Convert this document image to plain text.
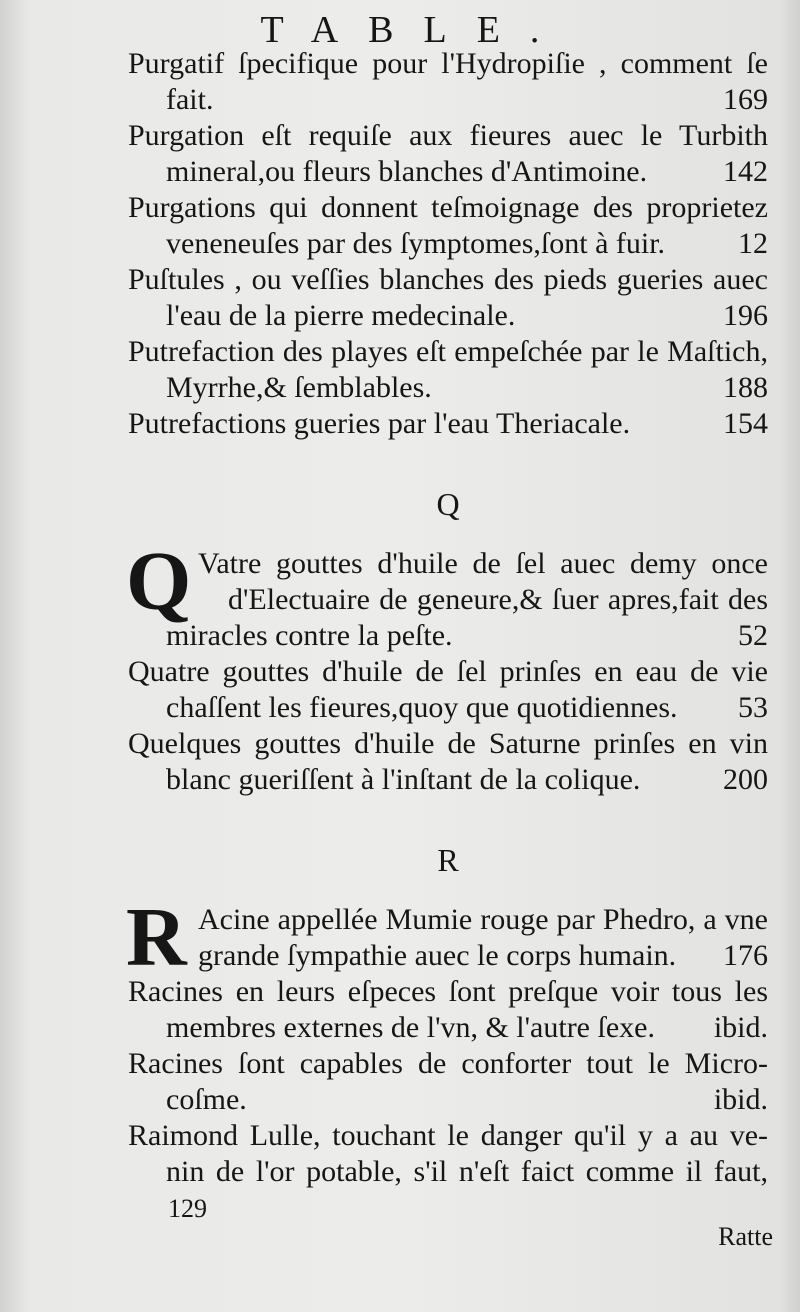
TABLE.
Purgatif ſpecifique pour l'Hydropiſie , comment ſe
169
fait.
Purgation eſt requiſe aux fieures auec le Turbith
142
mineral,ou fleurs blanches d'Antimoine.
Purgations qui donnent teſmoignage des proprietez
12
veneneuſes par des ſymptomes,ſont à fuir.
Puſtules , ou veſſies blanches des pieds gueries auec
196
l'eau de la pierre medecinale.
Putrefaction des playes eſt empeſchée par le Maſtich,
188
Myrrhe,& ſemblables.
154
Putrefactions gueries par l'eau Theriacale.
Q
Q Vatre gouttes d'huile de ſel auec demy once
d'Electuaire de geneure,& ſuer apres,fait des
52
miracles contre la peſte.
Quatre gouttes d'huile de ſel prinſes en eau de vie
53
chaſſent les fieures,quoy que quotidiennes.
Quelques gouttes d'huile de Saturne prinſes en vin
200
blanc gueriſſent à l'inſtant de la colique.
R
R Acine appellée Mumie rouge par Phedro, a vne
176
grande ſympathie auec le corps humain.
Racines en leurs eſpeces ſont preſque voir tous les
ibid.
membres externes de l'vn, & l'autre ſexe.
Racines ſont capables de conforter tout le Micro-
ibid.
coſme.
Raimond Lulle, touchant le danger qu'il y a au ve-
nin de l'or potable, s'il n'eſt faict comme il faut,
129
Ratte
